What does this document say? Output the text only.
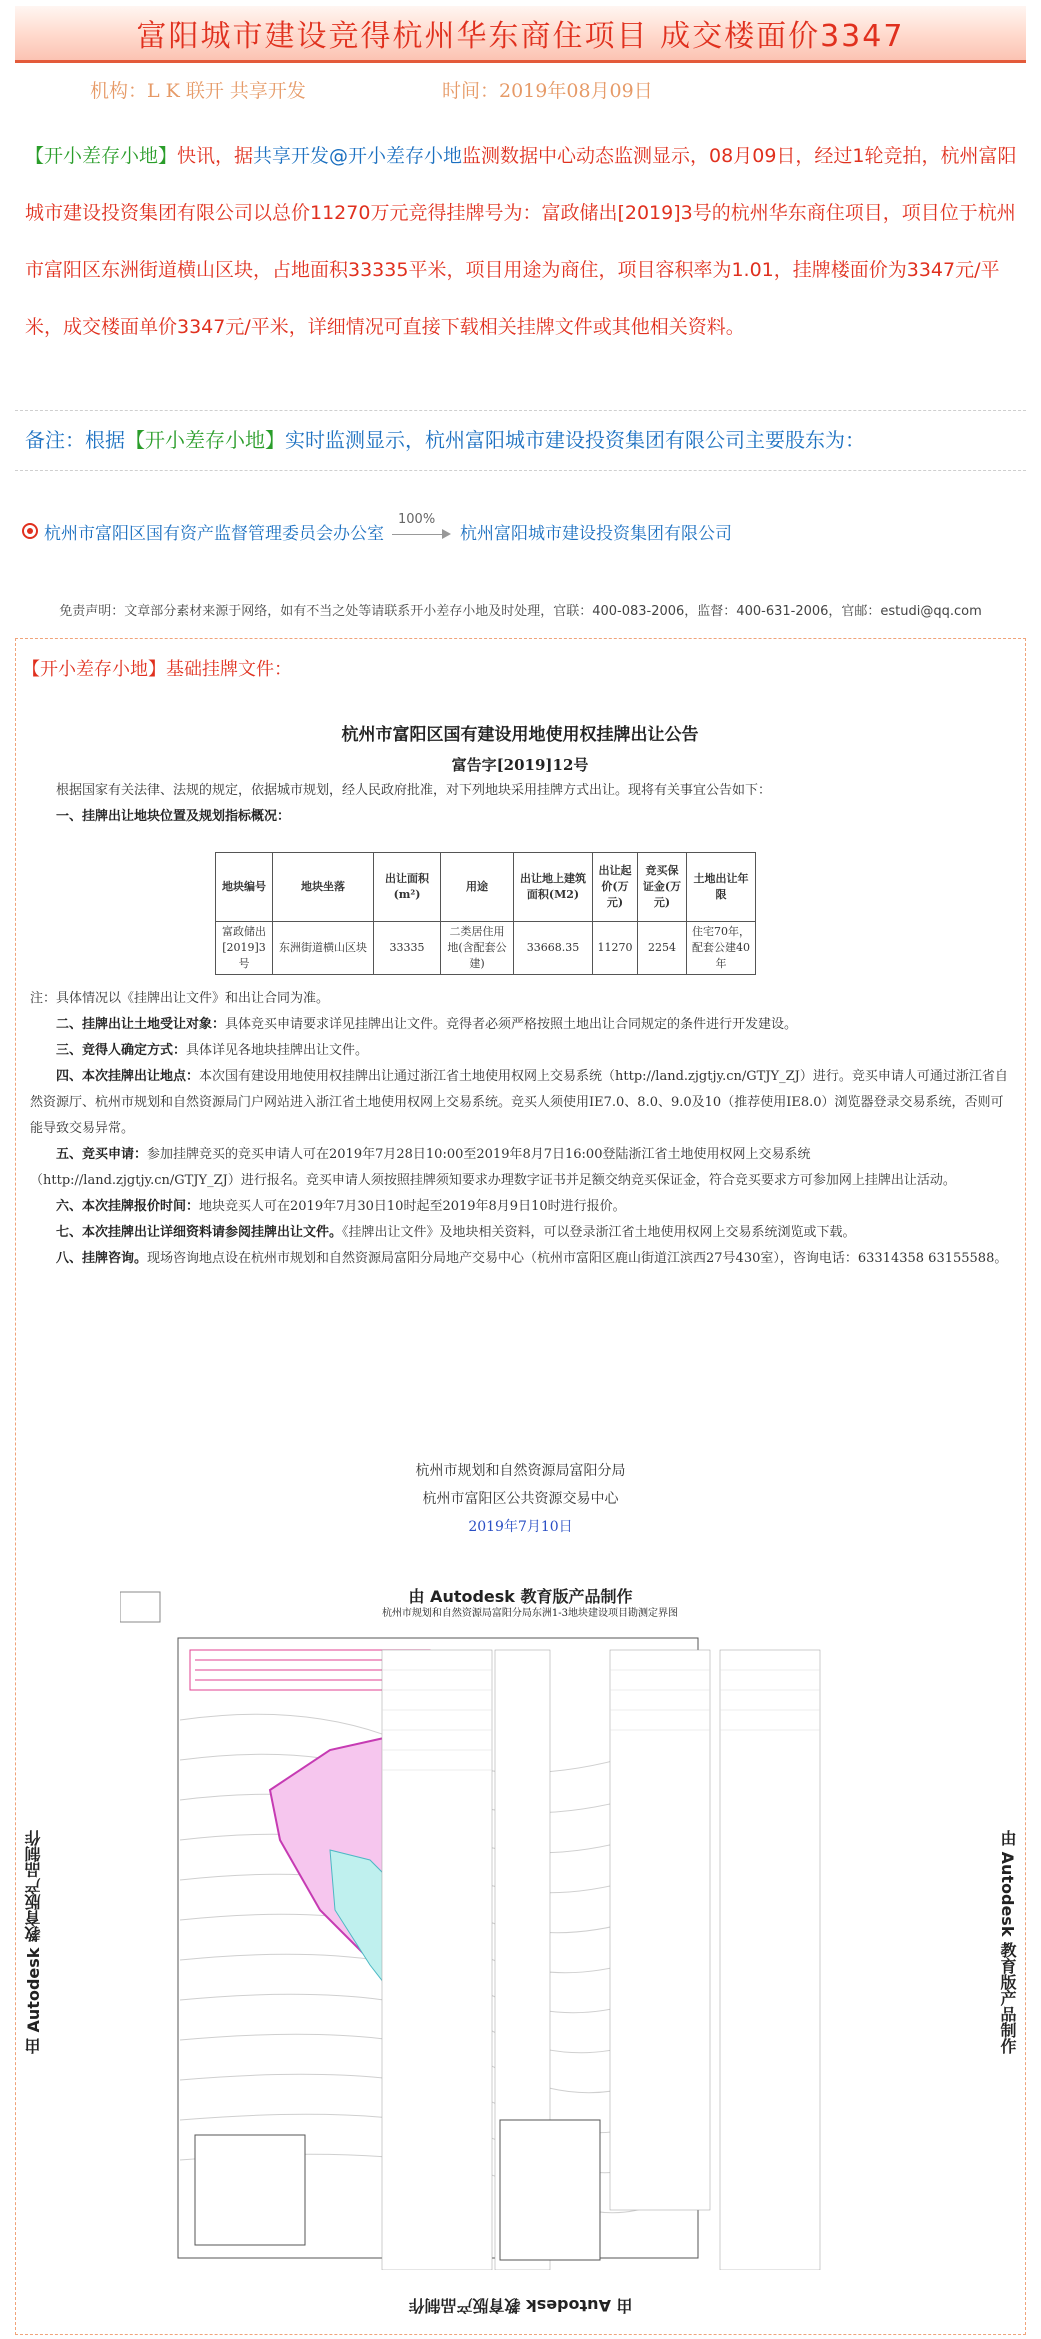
富阳城市建设竞得杭州华东商住项目 成交楼面价3347
机构：L K 联开 共享开发	时间：2019年08月09日
【开小差存小地】快讯，据共享开发@开小差存小地监测数据中心动态监测显示，08月09日，经过1轮竞拍，杭州富阳城市建设投资集团有限公司以总价11270万元竞得挂牌号为：富政储出[2019]3号的杭州华东商住项目，项目位于杭州市富阳区东洲街道横山区块，占地面积33335平米，项目用途为商住，项目容积率为1.01，挂牌楼面价为3347元/平米，成交楼面单价3347元/平米，详细情况可直接下载相关挂牌文件或其他相关资料。
备注：根据【开小差存小地】实时监测显示，杭州富阳城市建设投资集团有限公司主要股东为：
杭州市富阳区国有资产监督管理委员会办公室
100%
杭州富阳城市建设投资集团有限公司
免责声明：文章部分素材来源于网络，如有不当之处等请联系开小差存小地及时处理，官联：400-083-2006，监督：400-631-2006，官邮：estudi@qq.com
【开小差存小地】基础挂牌文件：
杭州市富阳区国有建设用地使用权挂牌出让公告
富告字[2019]12号

根据国家有关法律、法规的规定，依据城市规划，经人民政府批准，对下列地块采用挂牌方式出让。现将有关事宜公告如下：

一、挂牌出让地块位置及规划指标概况：

地块编号	地块坐落	出让面积(m²)	用途	出让地上建筑面积(M2)	出让起价(万元)	竞买保证金(万元)	土地出让年限
富政储出[2019]3号	东洲街道横山区块	33335	二类居住用地(含配套公建)	33668.35	11270	2254	住宅70年，配套公建40年

注：具体情况以《挂牌出让文件》和出让合同为准。

二、挂牌出让土地受让对象：具体竞买申请要求详见挂牌出让文件。竞得者必须严格按照土地出让合同规定的条件进行开发建设。

三、竞得人确定方式：具体详见各地块挂牌出让文件。

四、本次挂牌出让地点：本次国有建设用地使用权挂牌出让通过浙江省土地使用权网上交易系统（http://land.zjgtjy.cn/GTJY_ZJ）进行。竞买申请人可通过浙江省自然资源厅、杭州市规划和自然资源局门户网站进入浙江省土地使用权网上交易系统。竞买人须使用IE7.0、8.0、9.0及10（推荐使用IE8.0）浏览器登录交易系统，否则可能导致交易异常。

五、竞买申请：参加挂牌竞买的竞买申请人可在2019年7月28日10:00至2019年8月7日16:00登陆浙江省土地使用权网上交易系统（http://land.zjgtjy.cn/GTJY_ZJ）进行报名。竞买申请人须按照挂牌须知要求办理数字证书并足额交纳竞买保证金，符合竞买要求方可参加网上挂牌出让活动。

六、本次挂牌报价时间：地块竞买人可在2019年7月30日10时起至2019年8月9日10时进行报价。

七、本次挂牌出让详细资料请参阅挂牌出让文件。《挂牌出让文件》及地块相关资料，可以登录浙江省土地使用权网上交易系统浏览或下载。

八、挂牌咨询。现场咨询地点设在杭州市规划和自然资源局富阳分局地产交易中心（杭州市富阳区鹿山街道江滨西27号430室），咨询电话：63314358 63155588。

杭州市规划和自然资源局富阳分局
杭州市富阳区公共资源交易中心
2019年7月10日
由 Autodesk 教育版产品制作
由 Autodesk 教育版产品制作	由 Autodesk 教育版产品制作
由 Autodesk 教育版产品制作
杭州市规划和自然资源局富阳分局东洲1-3地块建设项目勘测定界图
